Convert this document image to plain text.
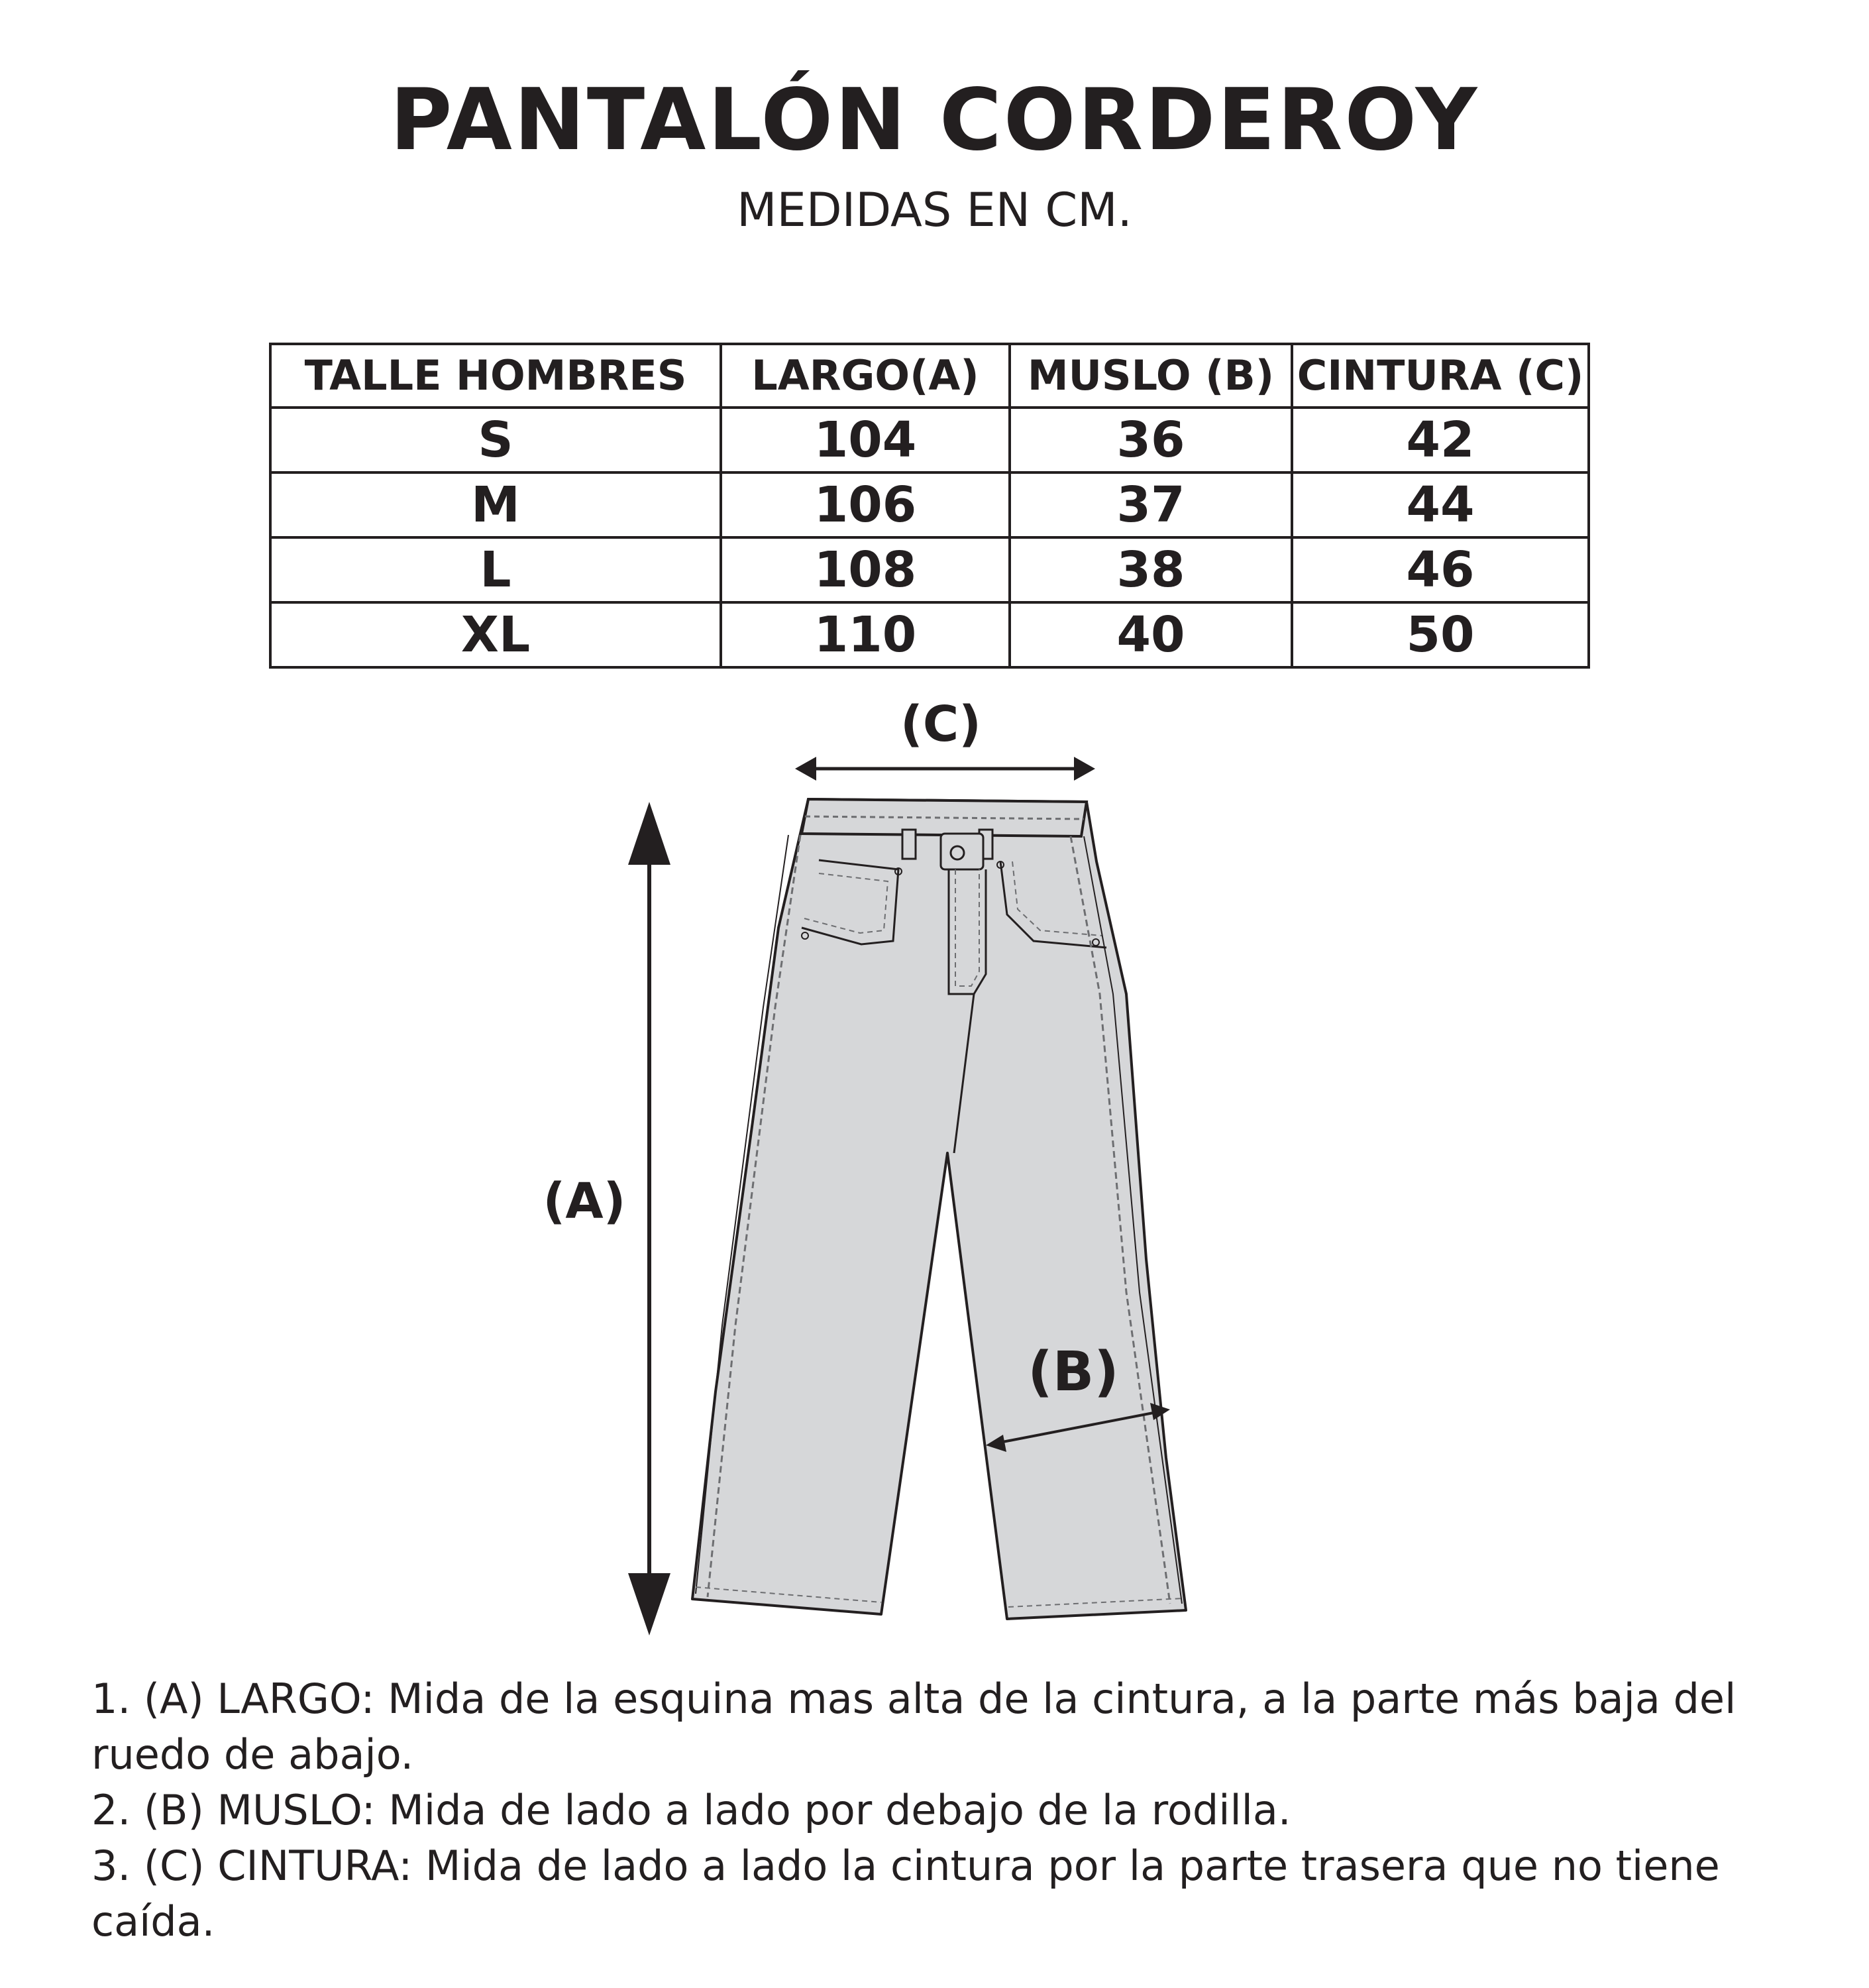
PANTALÓN CORDEROY
MEDIDAS EN CM.
TALLE HOMBRES	LARGO(A)	MUSLO (B)	CINTURA (C)
S	104	36	42
M	106	37	44
L	108	38	46
XL	110	40	50
(A)
(C)
(B)

1. (A) LARGO: Mida de la esquina mas alta de la cintura, a la parte más baja del ruedo de abajo.

2. (B) MUSLO: Mida de lado a lado por debajo de la rodilla.

3. (C) CINTURA: Mida de lado a lado la cintura por la parte trasera que no tiene caída.
